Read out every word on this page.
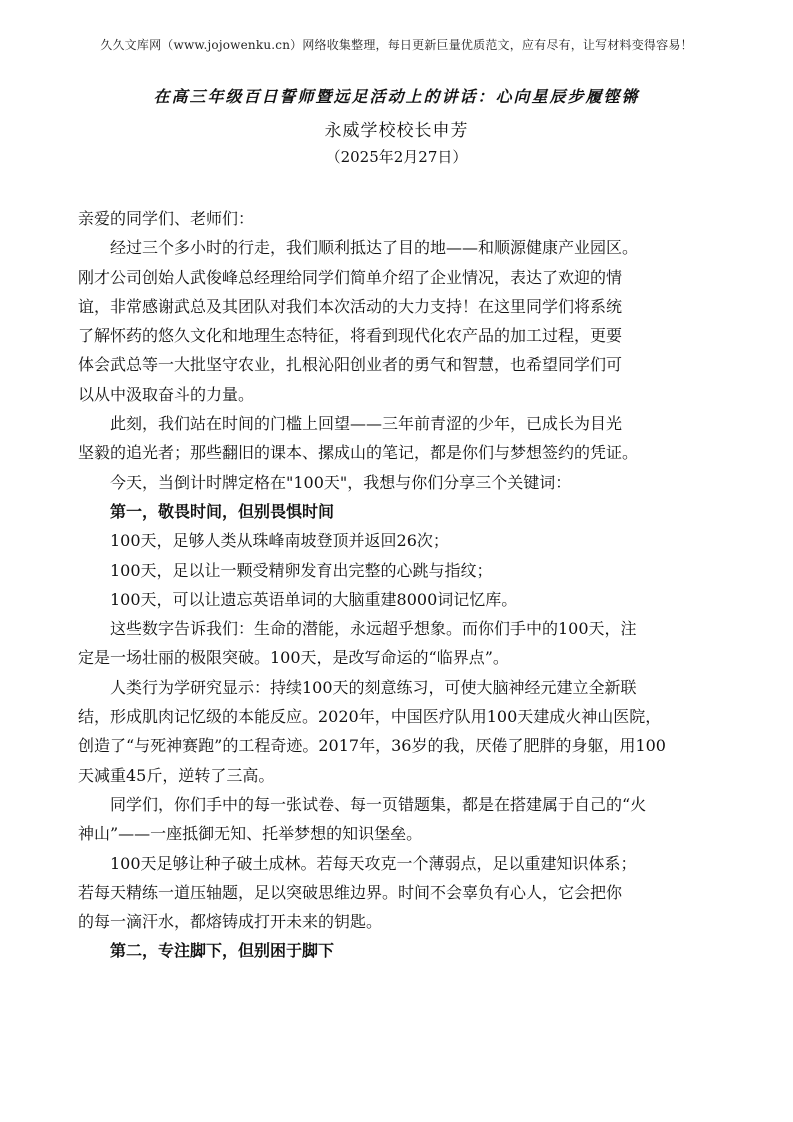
久久文库网（www.jojowenku.cn）网络收集整理，每日更新巨量优质范文，应有尽有，让写材料变得容易！
在高三年级百日誓师暨远足活动上的讲话：心向星辰步履铿锵
永威学校校长申芳
（2025年2月27日）

亲爱的同学们、老师们：

经过三个多小时的行走，我们顺利抵达了目的地——和顺源健康产业园区。
刚才公司创始人武俊峰总经理给同学们简单介绍了企业情况，表达了欢迎的情
谊，非常感谢武总及其团队对我们本次活动的大力支持！在这里同学们将系统
了解怀药的悠久文化和地理生态特征，将看到现代化农产品的加工过程，更要
体会武总等一大批坚守农业，扎根沁阳创业者的勇气和智慧，也希望同学们可
以从中汲取奋斗的力量。

此刻，我们站在时间的门槛上回望——三年前青涩的少年，已成长为目光
坚毅的追光者；那些翻旧的课本、摞成山的笔记，都是你们与梦想签约的凭证。

今天，当倒计时牌定格在"100天"，我想与你们分享三个关键词：

第一，敬畏时间，但别畏惧时间

100天，足够人类从珠峰南坡登顶并返回26次；

100天，足以让一颗受精卵发育出完整的心跳与指纹；

100天，可以让遗忘英语单词的大脑重建8000词记忆库。

这些数字告诉我们：生命的潜能，永远超乎想象。而你们手中的100天，注
定是一场壮丽的极限突破。100天，是改写命运的“临界点”。

人类行为学研究显示：持续100天的刻意练习，可使大脑神经元建立全新联
结，形成肌肉记忆级的本能反应。2020年，中国医疗队用100天建成火神山医院，
创造了“与死神赛跑”的工程奇迹。2017年，36岁的我，厌倦了肥胖的身躯，用100
天减重45斤，逆转了三高。

同学们，你们手中的每一张试卷、每一页错题集，都是在搭建属于自己的“火
神山”——一座抵御无知、托举梦想的知识堡垒。

100天足够让种子破土成林。若每天攻克一个薄弱点，足以重建知识体系；
若每天精练一道压轴题，足以突破思维边界。时间不会辜负有心人，它会把你
的每一滴汗水，都熔铸成打开未来的钥匙。

第二，专注脚下，但别困于脚下
